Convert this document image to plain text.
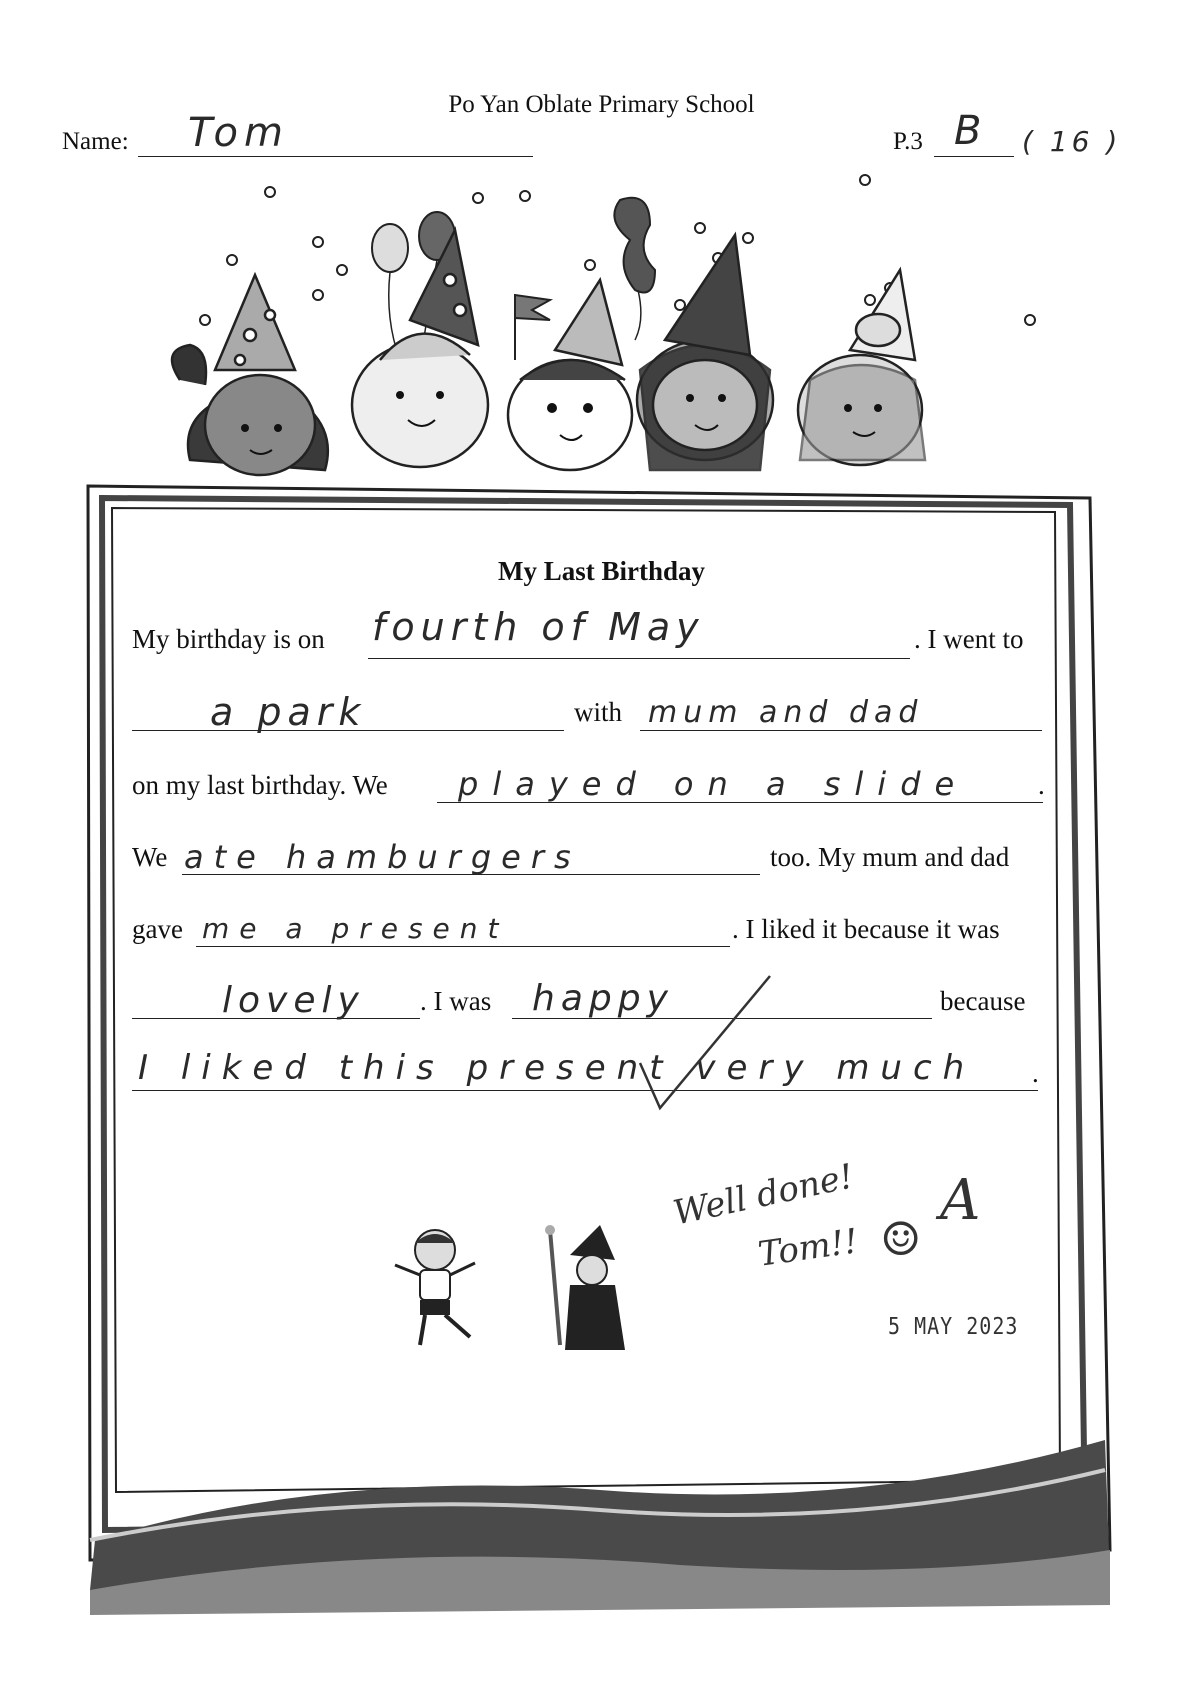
Po Yan Oblate Primary School
Name: Tom	P.3 B ( 16 )
My Last Birthday
My birthday is on fourth of May	. I went to
a park	with mum and dad
on my last birthday. We played on a slide	.
We ate hamburgers	too. My mum and dad
gave me a present	. I liked it because it was
lovely . I was happy	because
I liked this present very much .
Well done!
Tom!! ☺
A
5 MAY 2023
